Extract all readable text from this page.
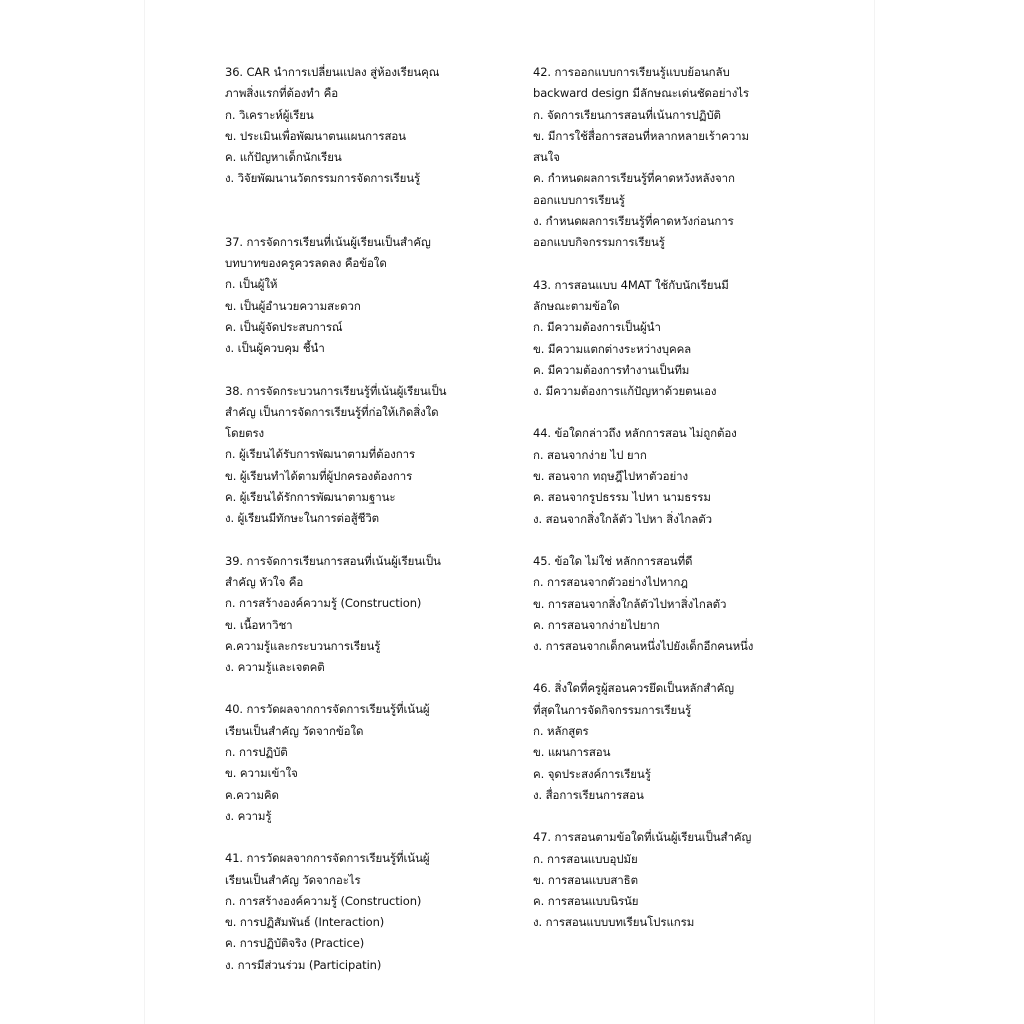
36. CAR นำการเปลี่ยนแปลง สู่ห้องเรียนคุณ
ภาพสิ่งแรกที่ต้องทำ คือ
ก. วิเคราะห์ผู้เรียน
ข. ประเมินเพื่อพัฒนาตนแผนการสอน
ค. แก้ปัญหาเด็กนักเรียน
ง. วิจัยพัฒนานวัตกรรมการจัดการเรียนรู้
37. การจัดการเรียนที่เน้นผู้เรียนเป็นสำคัญ
บทบาทของครูควรลดลง คือข้อใด
ก. เป็นผู้ให้
ข. เป็นผู้อำนวยความสะดวก
ค. เป็นผู้จัดประสบการณ์
ง. เป็นผู้ควบคุม ชี้นำ
38. การจัดกระบวนการเรียนรู้ที่เน้นผู้เรียนเป็น
สำคัญ เป็นการจัดการเรียนรู้ที่ก่อให้เกิดสิ่งใด
โดยตรง
ก. ผู้เรียนได้รับการพัฒนาตามที่ต้องการ
ข. ผู้เรียนทำได้ตามที่ผู้ปกครองต้องการ
ค. ผู้เรียนได้รักการพัฒนาตามฐานะ
ง. ผู้เรียนมีทักษะในการต่อสู้ชีวิต
39. การจัดการเรียนการสอนที่เน้นผู้เรียนเป็น
สำคัญ หัวใจ คือ
ก. การสร้างองค์ความรู้ (Construction)
ข. เนื้อหาวิชา
ค.ความรู้และกระบวนการเรียนรู้
ง. ความรู้และเจตคติ
40. การวัดผลจากการจัดการเรียนรู้ที่เน้นผู้
เรียนเป็นสำคัญ วัดจากข้อใด
ก. การปฏิบัติ
ข. ความเข้าใจ
ค.ความคิด
ง. ความรู้
41. การวัดผลจากการจัดการเรียนรู้ที่เน้นผู้
เรียนเป็นสำคัญ วัดจากอะไร
ก. การสร้างองค์ความรู้ (Construction)
ข. การปฏิสัมพันธ์ (Interaction)
ค. การปฏิบัติจริง (Practice)
ง. การมีส่วนร่วม (Participatin)
42. การออกแบบการเรียนรู้แบบย้อนกลับ
backward design มีลักษณะเด่นชัดอย่างไร
ก. จัดการเรียนการสอนที่เน้นการปฏิบัติ
ข. มีการใช้สื่อการสอนที่หลากหลายเร้าความ
สนใจ
ค. กำหนดผลการเรียนรู้ที่คาดหวังหลังจาก
ออกแบบการเรียนรู้
ง. กำหนดผลการเรียนรู้ที่คาดหวังก่อนการ
ออกแบบกิจกรรมการเรียนรู้
43. การสอนแบบ 4MAT ใช้กับนักเรียนมี
ลักษณะตามข้อใด
ก. มีความต้องการเป็นผู้นำ
ข. มีความแตกต่างระหว่างบุคคล
ค. มีความต้องการทำงานเป็นทีม
ง. มีความต้องการแก้ปัญหาด้วยตนเอง
44. ข้อใดกล่าวถึง หลักการสอน ไม่ถูกต้อง
ก. สอนจากง่าย ไป ยาก
ข. สอนจาก ทฤษฎีไปหาตัวอย่าง
ค. สอนจากรูปธรรม ไปหา นามธรรม
ง. สอนจากสิ่งใกล้ตัว ไปหา สิ่งไกลตัว
45. ข้อใด ไม่ใช่ หลักการสอนที่ดี
ก. การสอนจากตัวอย่างไปหากฎ
ข. การสอนจากสิ่งใกล้ตัวไปหาสิ่งไกลตัว
ค. การสอนจากง่ายไปยาก
ง. การสอนจากเด็กคนหนึ่งไปยังเด็กอีกคนหนึ่ง
46. สิ่งใดที่ครูผู้สอนควรยึดเป็นหลักสำคัญ
ที่สุดในการจัดกิจกรรมการเรียนรู้
ก. หลักสูตร
ข. แผนการสอน
ค. จุดประสงค์การเรียนรู้
ง. สื่อการเรียนการสอน
47. การสอนตามข้อใดที่เน้นผู้เรียนเป็นสำคัญ
ก. การสอนแบบอุปมัย
ข. การสอนแบบสาธิต
ค. การสอนแบบนิรนัย
ง. การสอนแบบบทเรียนโปรแกรม
